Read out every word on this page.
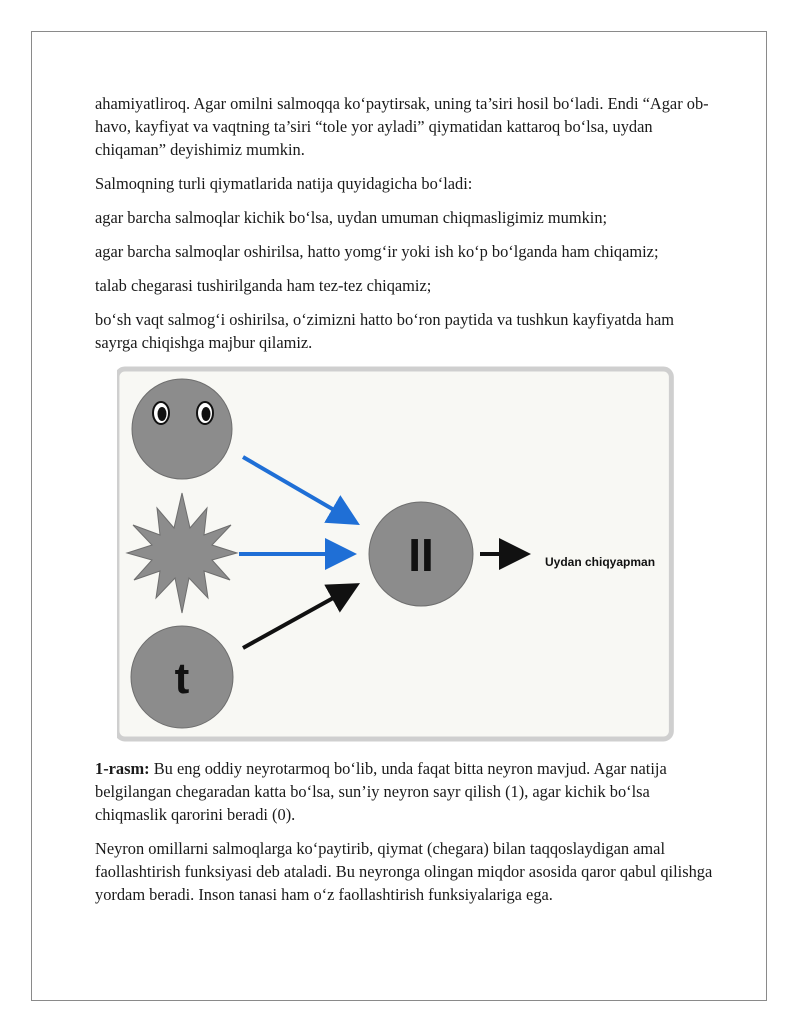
ahamiyatliroq. Agar omilni salmoqqa ko‘paytirsak, uning ta’siri hosil bo‘ladi. Endi “Agar ob-havo, kayfiyat va vaqtning ta’siri “tole yor ayladi” qiymatidan kattaroq bo‘lsa, uydan chiqaman” deyishimiz mumkin.

Salmoqning turli qiymatlarida natija quyidagicha bo‘ladi:

agar barcha salmoqlar kichik bo‘lsa, uydan umuman chiqmasligimiz mumkin;

agar barcha salmoqlar oshirilsa, hatto yomg‘ir yoki ish ko‘p bo‘lganda ham chiqamiz;

talab chegarasi tushirilganda ham tez-tez chiqamiz;

bo‘sh vaqt salmog‘i oshirilsa, o‘zimizni hatto bo‘ron paytida va tushkun kayfiyatda ham sayrga chiqishga majbur qilamiz.

t
II	Uydan chiqyapman

1-rasm: Bu eng oddiy neyrotarmoq bo‘lib, unda faqat bitta neyron mavjud. Agar natija belgilangan chegaradan katta bo‘lsa, sun’iy neyron sayr qilish (1), agar kichik bo‘lsa chiqmaslik qarorini beradi (0).

Neyron omillarni salmoqlarga ko‘paytirib, qiymat (chegara) bilan taqqoslaydigan amal faollashtirish funksiyasi deb ataladi. Bu neyronga olingan miqdor asosida qaror qabul qilishga yordam beradi. Inson tanasi ham o‘z faollashtirish funksiyalariga ega.
